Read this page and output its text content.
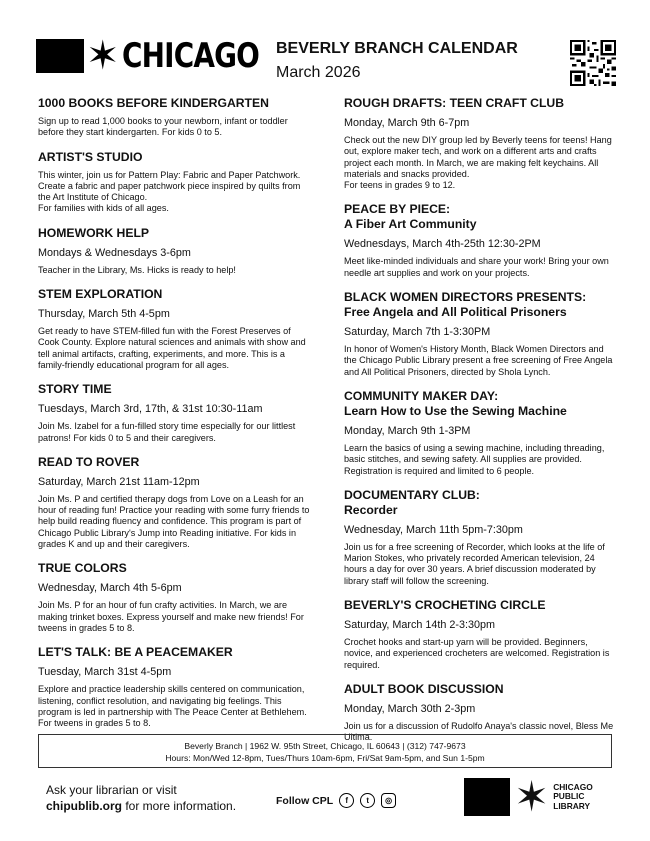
✶ CHICAGO BEVERLY BRANCH CALENDAR
March 2026
1000 BOOKS BEFORE KINDERGARTEN

Sign up to read 1,000 books to your newborn, infant or toddler before they start kindergarten. For kids 0 to 5.

ARTIST'S STUDIO

This winter, join us for Pattern Play: Fabric and Paper Patchwork. Create a fabric and paper patchwork piece inspired by quilts from the Art Institute of Chicago.

For families with kids of all ages.

HOMEWORK HELP
Mondays & Wednesdays 3-6pm

Teacher in the Library, Ms. Hicks is ready to help!

STEM EXPLORATION
Thursday, March 5th 4-5pm

Get ready to have STEM-filled fun with the Forest Preserves of Cook County. Explore natural sciences and animals with show and tell animal artifacts, crafting, experiments, and more. This is a family-friendly educational program for all ages.

STORY TIME
Tuesdays, March 3rd, 17th, & 31st 10:30-11am

Join Ms. Izabel for a fun-filled story time especially for our littlest patrons! For kids 0 to 5 and their caregivers.

READ TO ROVER
Saturday, March 21st 11am-12pm

Join Ms. P and certified therapy dogs from Love on a Leash for an hour of reading fun! Practice your reading with some furry friends to help build reading fluency and confidence. This program is part of Chicago Public Library's Jump into Reading initiative. For kids in grades K and up and their caregivers.

TRUE COLORS
Wednesday, March 4th 5-6pm

Join Ms. P for an hour of fun crafty activities. In March, we are making trinket boxes. Express yourself and make new friends! For tweens in grades 5 to 8.

LET'S TALK: BE A PEACEMAKER
Tuesday, March 31st 4-5pm

Explore and practice leadership skills centered on communication, listening, conflict resolution, and navigating big feelings. This program is led in partnership with The Peace Center at Bethlehem. For tweens in grades 5 to 8.

ROUGH DRAFTS: TEEN CRAFT CLUB
Monday, March 9th 6-7pm

Check out the new DIY group led by Beverly teens for teens! Hang out, explore maker tech, and work on a different arts and crafts project each month. In March, we are making felt keychains. All materials and snacks provided.

For teens in grades 9 to 12.

PEACE BY PIECE:
A Fiber Art Community
Wednesdays, March 4th-25th 12:30-2PM

Meet like-minded individuals and share your work! Bring your own needle art supplies and work on your projects.

BLACK WOMEN DIRECTORS PRESENTS:
Free Angela and All Political Prisoners
Saturday, March 7th 1-3:30PM

In honor of Women's History Month, Black Women Directors and the Chicago Public Library present a free screening of Free Angela and All Political Prisoners, directed by Shola Lynch.

COMMUNITY MAKER DAY:
Learn How to Use the Sewing Machine
Monday, March 9th 1-3PM

Learn the basics of using a sewing machine, including threading, basic stitches, and sewing safety. All supplies are provided. Registration is required and limited to 6 people.

DOCUMENTARY CLUB:
Recorder
Wednesday, March 11th 5pm-7:30pm

Join us for a free screening of Recorder, which looks at the life of Marion Stokes, who privately recorded American television, 24 hours a day for over 30 years. A brief discussion moderated by library staff will follow the screening.

BEVERLY'S CROCHETING CIRCLE
Saturday, March 14th 2-3:30pm

Crochet hooks and start-up yarn will be provided. Beginners, novice, and experienced crocheters are welcomed. Registration is required.

ADULT BOOK DISCUSSION
Monday, March 30th 2-3pm

Join us for a discussion of Rudolfo Anaya's classic novel, Bless Me Ultima.

Beverly Branch | 1962 W. 95th Street, Chicago, IL 60643 | (312) 747-9673
Hours: Mon/Wed 12-8pm, Tues/Thurs 10am-6pm, Fri/Sat 9am-5pm, and Sun 1-5pm
Ask your librarian or visit
chipublib.org for more information.	Follow CPL	f	t	◎	✶ CHICAGO
PUBLIC
LIBRARY
